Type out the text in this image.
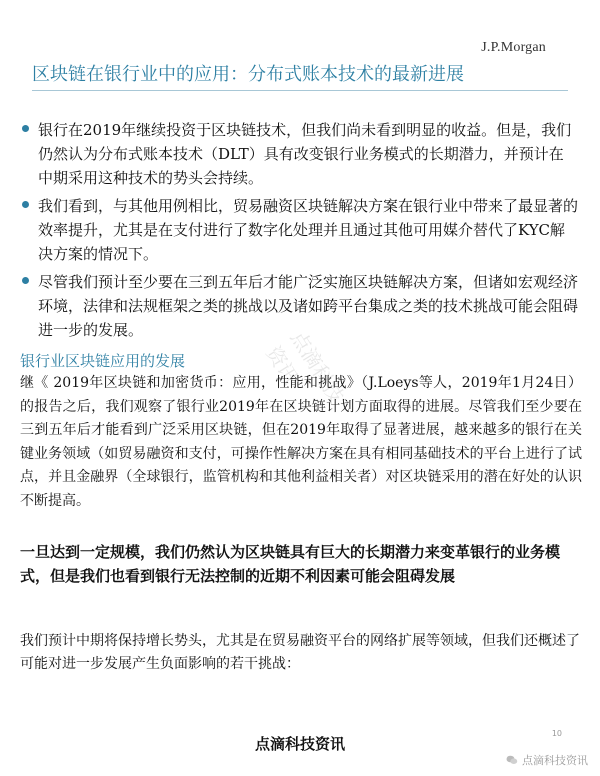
J.P.Morgan
区块链在银行业中的应用：分布式账本技术的最新进展
银行在2019年继续投资于区块链技术，但我们尚未看到明显的收益。但是，我们仍然认为分布式账本技术（DLT）具有改变银行业务模式的长期潜力，并预计在中期采用这种技术的势头会持续。
我们看到，与其他用例相比，贸易融资区块链解决方案在银行业中带来了最显著的效率提升，尤其是在支付进行了数字化处理并且通过其他可用媒介替代了KYC解决方案的情况下。
尽管我们预计至少要在三到五年后才能广泛实施区块链解决方案，但诸如宏观经济环境，法律和法规框架之类的挑战以及诸如跨平台集成之类的技术挑战可能会阻碍进一步的发展。	点滴科技资讯
银行业区块链应用的发展
继《 2019年区块链和加密货币：应用，性能和挑战》（J.Loeys等人，2019年1月24日）的报告之后，我们观察了银行业2019年在区块链计划方面取得的进展。尽管我们至少要在三到五年后才能看到广泛采用区块链，但在2019年取得了显著进展，越来越多的银行在关键业务领域（如贸易融资和支付，可操作性解决方案在具有相同基础技术的平台上进行了试点，并且金融界（全球银行，监管机构和其他利益相关者）对区块链采用的潜在好处的认识不断提高。
一旦达到一定规模，我们仍然认为区块链具有巨大的长期潜力来变革银行的业务模式，但是我们也看到银行无法控制的近期不利因素可能会阻碍发展
我们预计中期将保持增长势头，尤其是在贸易融资平台的网络扩展等领域，但我们还概述了可能对进一步发展产生负面影响的若干挑战：
10
点滴科技资讯
点滴科技资讯
